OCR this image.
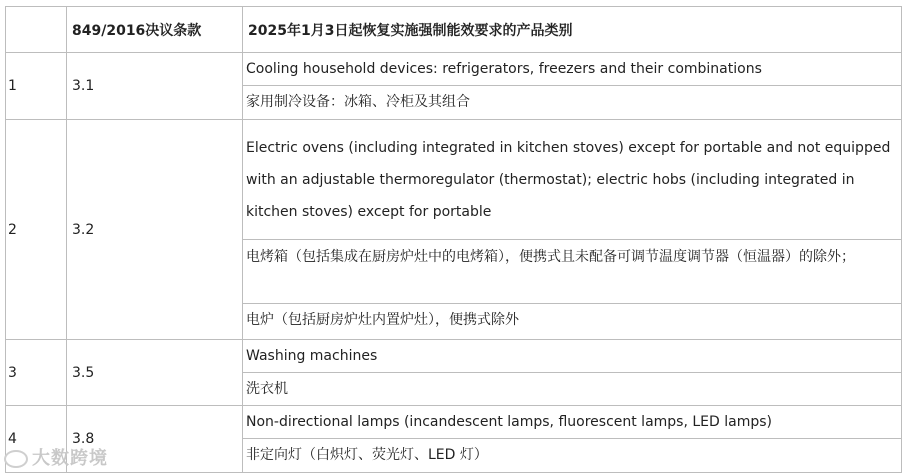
849/2016决议条款	2025年1月3日起恢复实施强制能效要求的产品类别
1	3.1
Cooling household devices: refrigerators, freezers and their combinations
家用制冷设备：冰箱、冷柜及其组合
2	3.2
Electric ovens (including integrated in kitchen stoves) except for portable and not equipped with an adjustable thermoregulator (thermostat); electric hobs (including integrated in kitchen stoves) except for portable
电烤箱（包括集成在厨房炉灶中的电烤箱），便携式且未配备可调节温度调节器（恒温器）的除外；
电炉（包括厨房炉灶内置炉灶），便携式除外
3	3.5
Washing machines
洗衣机
4	3.8
Non-directional lamps (incandescent lamps, fluorescent lamps, LED lamps)
非定向灯（白炽灯、荧光灯、LED 灯）
大数跨境
